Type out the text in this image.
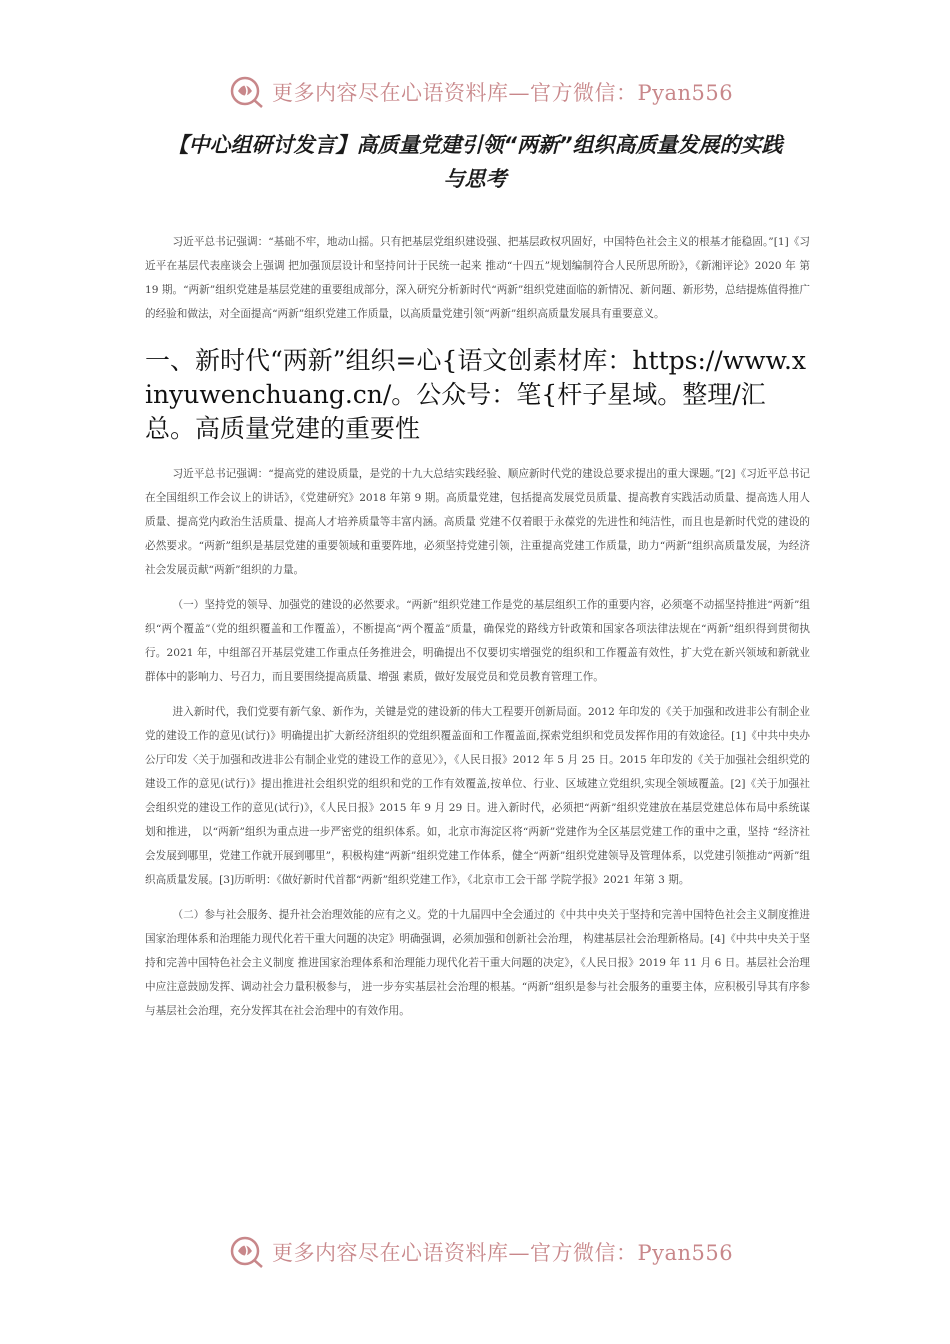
更多内容尽在心语资料库—官方微信：Pyan556
【中心组研讨发言】高质量党建引领“两新”组织高质量发展的实践
与思考

习近平总书记强调：“基础不牢，地动山摇。只有把基层党组织建设强、把基层政权巩固好，中国特色社会主义的根基才能稳固。”[1]《习近平在基层代表座谈会上强调 把加强顶层设计和坚持问计于民统一起来 推动“十四五”规划编制符合人民所思所盼》，《新湘评论》2020 年 第 19 期。“两新”组织党建是基层党建的重要组成部分，深入研究分析新时代“两新”组织党建面临的新情况、新问题、新形势，总结提炼值得推广的经验和做法，对全面提高“两新”组织党建工作质量，以高质量党建引领“两新”组织高质量发展具有重要意义。

一、新时代“两新”组织=心{语文创素材库：https://www.xinyuwenchuang.cn/。公众号：笔{杆子星域。整理/汇总。高质量党建的重要性

习近平总书记强调：“提高党的建设质量，是党的十九大总结实践经验、顺应新时代党的建设总要求提出的重大课题。”[2]《习近平总书记在全国组织工作会议上的讲话》，《党建研究》2018 年第 9 期。高质量党建，包括提高发展党员质量、提高教育实践活动质量、提高选人用人质量、提高党内政治生活质量、提高人才培养质量等丰富内涵。高质量 党建不仅着眼于永葆党的先进性和纯洁性，而且也是新时代党的建设的必然要求。“两新”组织是基层党建的重要领域和重要阵地，必须坚持党建引领，注重提高党建工作质量，助力“两新”组织高质量发展，为经济社会发展贡献“两新”组织的力量。

（一）坚持党的领导、加强党的建设的必然要求。“两新”组织党建工作是党的基层组织工作的重要内容，必须毫不动摇坚持推进“两新”组织“两个覆盖”（党的组织覆盖和工作覆盖），不断提高“两个覆盖”质量，确保党的路线方针政策和国家各项法律法规在“两新”组织得到贯彻执行。2021 年，中组部召开基层党建工作重点任务推进会，明确提出不仅要切实增强党的组织和工作覆盖有效性，扩大党在新兴领域和新就业群体中的影响力、号召力，而且要围绕提高质量、增强 素质，做好发展党员和党员教育管理工作。

进入新时代，我们党要有新气象、新作为，关键是党的建设新的伟大工程要开创新局面。2012 年印发的《关于加强和改进非公有制企业党的建设工作的意见(试行)》明确提出扩大新经济组织的党组织覆盖面和工作覆盖面,探索党组织和党员发挥作用的有效途径。[1]《中共中央办公厅印发〈关于加强和改进非公有制企业党的建设工作的意见〉》，《人民日报》2012 年 5 月 25 日。2015 年印发的《关于加强社会组织党的建设工作的意见(试行)》提出推进社会组织党的组织和党的工作有效覆盖,按单位、行业、区域建立党组织,实现全领域覆盖。[2]《关于加强社会组织党的建设工作的意见(试行)》，《人民日报》2015 年 9 月 29 日。进入新时代，必须把“两新”组织党建放在基层党建总体布局中系统谋划和推进， 以“两新”组织为重点进一步严密党的组织体系。如，北京市海淀区将“两新”党建作为全区基层党建工作的重中之重，坚持 “经济社会发展到哪里，党建工作就开展到哪里”，积极构建“两新”组织党建工作体系，健全“两新”组织党建领导及管理体系，以党建引领推动“两新”组织高质量发展。[3]历昕明：《做好新时代首都“两新”组织党建工作》，《北京市工会干部 学院学报》2021 年第 3 期。

（二）参与社会服务、提升社会治理效能的应有之义。党的十九届四中全会通过的《中共中央关于坚持和完善中国特色社会主义制度推进国家治理体系和治理能力现代化若干重大问题的决定》明确强调，必须加强和创新社会治理， 构建基层社会治理新格局。[4]《中共中央关于坚持和完善中国特色社会主义制度 推进国家治理体系和治理能力现代化若干重大问题的决定》，《人民日报》2019 年 11 月 6 日。基层社会治理中应注意鼓励发挥、调动社会力量积极参与， 进一步夯实基层社会治理的根基。“两新”组织是参与社会服务的重要主体，应积极引导其有序参与基层社会治理，充分发挥其在社会治理中的有效作用。

更多内容尽在心语资料库—官方微信：Pyan556
